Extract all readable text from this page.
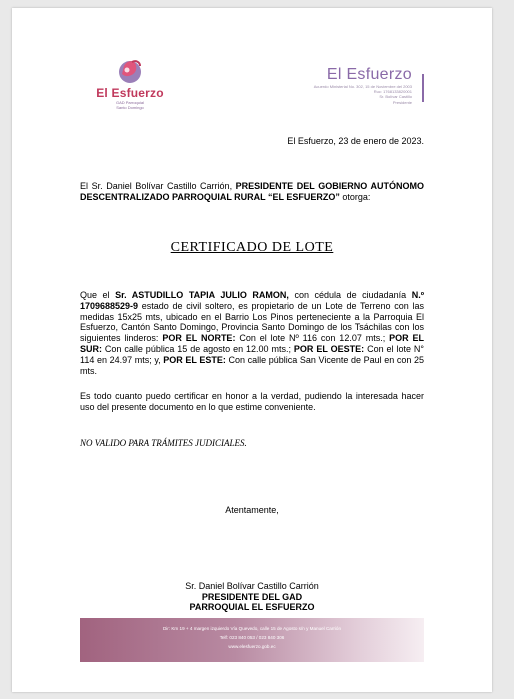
El Esfuerzo
GAD Parroquial
Santo Domingo
El Esfuerzo
Acuerdo Ministerial No. 302, 15 de Noviembre del 2003
Ruc: 1768133820001
Sr. Bolívar Castillo
Presidente
El Esfuerzo, 23 de enero de 2023.
El Sr. Daniel Bolívar Castillo Carrión, PRESIDENTE DEL GOBIERNO AUTÓNOMO DESCENTRALIZADO PARROQUIAL RURAL “EL ESFUERZO” otorga:
CERTIFICADO DE LOTE
Que el Sr. ASTUDILLO TAPIA JULIO RAMON, con cédula de ciudadanía N.º 1709688529-9 estado de civil soltero, es propietario de un Lote de Terreno con las medidas 15x25 mts, ubicado en el Barrio Los Pinos perteneciente a la Parroquia El Esfuerzo, Cantón Santo Domingo, Provincia Santo Domingo de los Tsáchilas con los siguientes linderos: POR EL NORTE: Con el lote Nº 116 con 12.07 mts.; POR EL SUR: Con calle pública 15 de agosto en 12.00 mts.; POR EL OESTE: Con el lote N° 114 en 24.97 mts; y, POR EL ESTE: Con calle pública San Vicente de Paul en con 25 mts.
Es todo cuanto puedo certificar en honor a la verdad, pudiendo la interesada hacer uso del presente documento en lo que estime conveniente.
NO VALIDO PARA TRÁMITES JUDICIALES.
Atentamente,
Sr. Daniel Bolívar Castillo Carrión
PRESIDENTE DEL GAD
PARROQUIAL EL ESFUERZO
Dir: Km 19 + 4 margen izquierdo Vía Quevedo, calle 15 de Agosto s/n y Manuel Carrión
Telf: 023 840 053 / 023 840 306
www.elesfuerzo.gob.ec
